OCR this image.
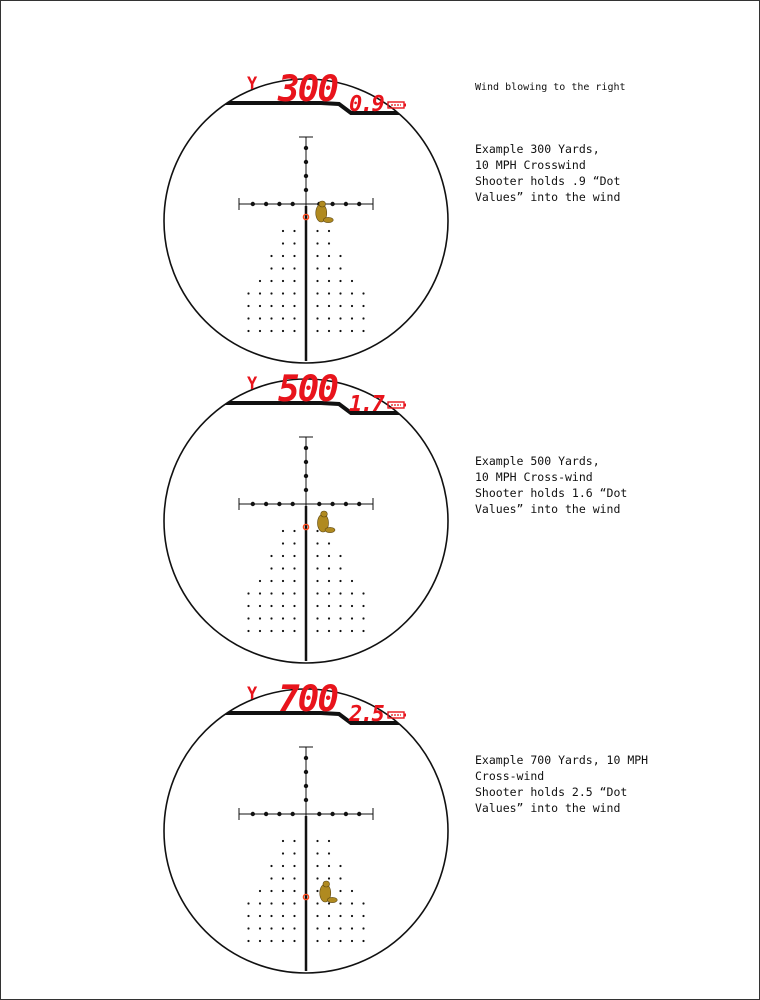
Wind blowing to the right
Y 300 0.9
Example 300 Yards,
10 MPH Crosswind
Shooter holds .9 “Dot
Values” into the wind
Y 500 1.7
Example 500 Yards,
10 MPH Cross-wind
Shooter holds 1.6 “Dot
Values” into the wind
Y 700 2.5
Example 700 Yards, 10 MPH
Cross-wind
Shooter holds 2.5 “Dot
Values” into the wind
